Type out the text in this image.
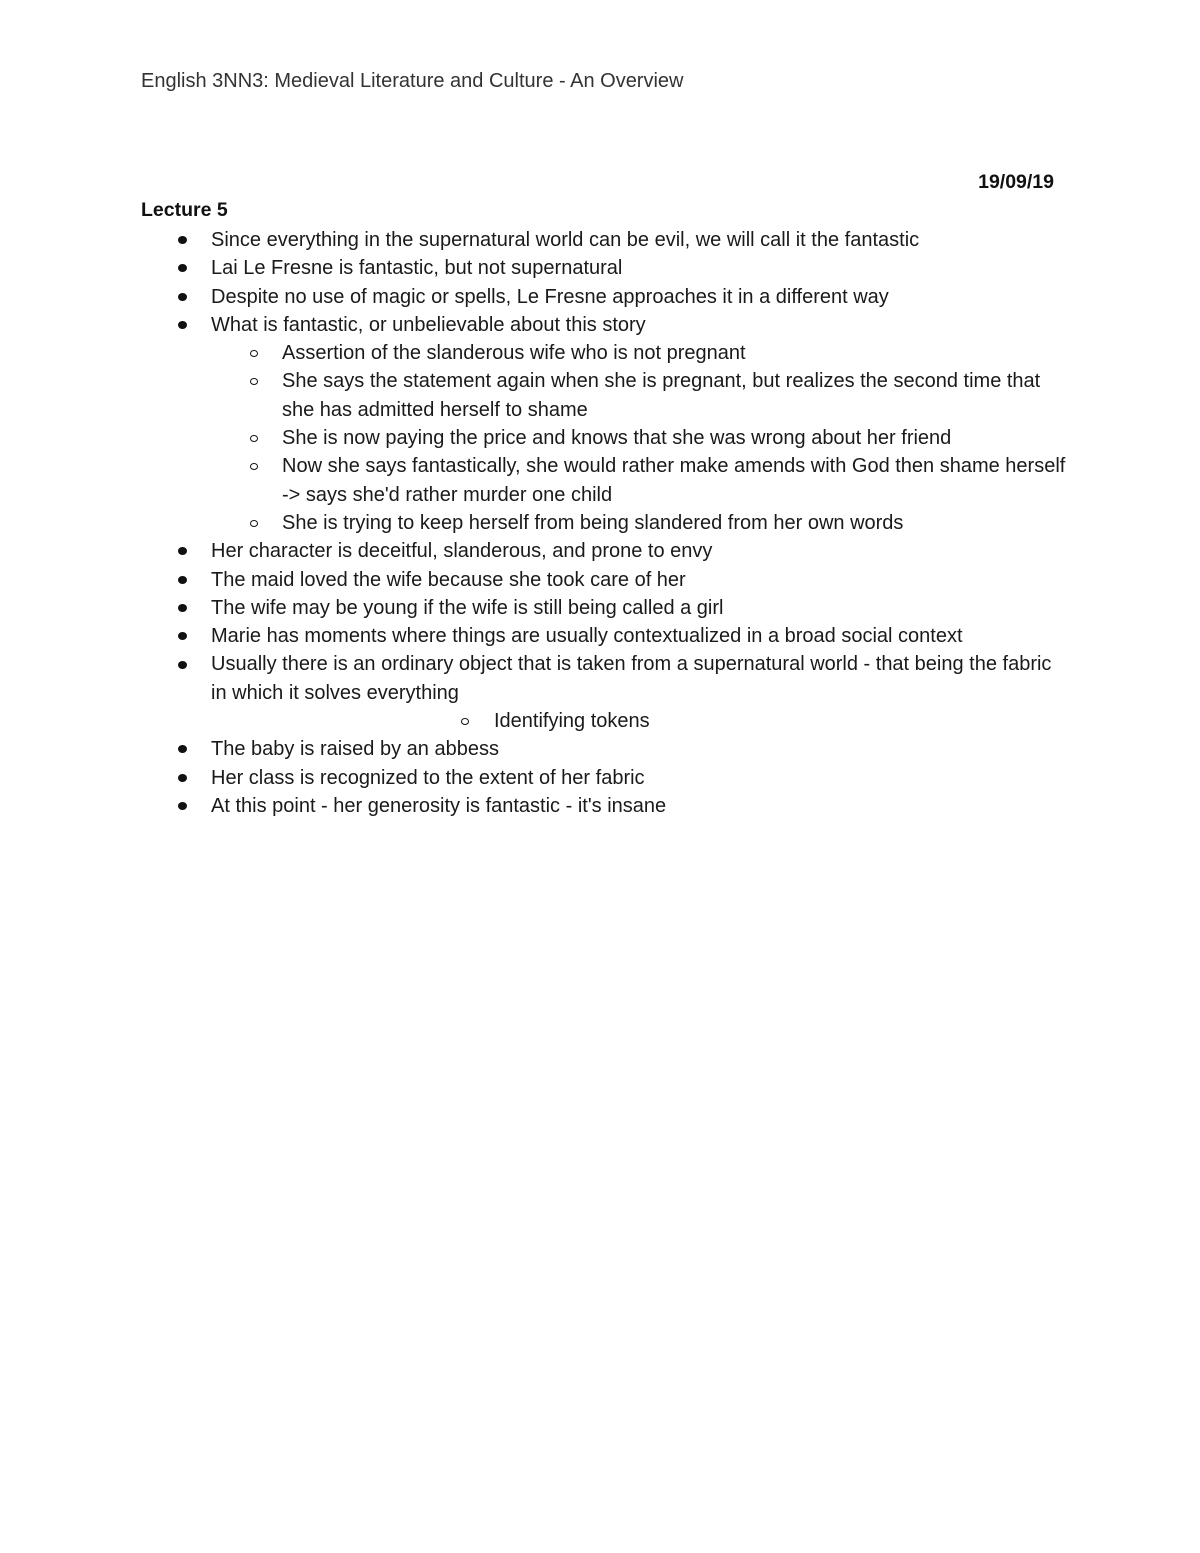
English 3NN3: Medieval Literature and Culture - An Overview
19/09/19
Lecture 5
Since everything in the supernatural world can be evil, we will call it the fantastic
Lai Le Fresne is fantastic, but not supernatural
Despite no use of magic or spells, Le Fresne approaches it in a different way
What is fantastic, or unbelievable about this story
Assertion of the slanderous wife who is not pregnant
She says the statement again when she is pregnant, but realizes the second time that she has admitted herself to shame
She is now paying the price and knows that she was wrong about her friend
Now she says fantastically, she would rather make amends with God then shame herself -> says she'd rather murder one child
She is trying to keep herself from being slandered from her own words
Her character is deceitful, slanderous, and prone to envy
The maid loved the wife because she took care of her
The wife may be young if the wife is still being called a girl
Marie has moments where things are usually contextualized in a broad social context
Usually there is an ordinary object that is taken from a supernatural world - that being the fabric in which it solves everything
Identifying tokens
The baby is raised by an abbess
Her class is recognized to the extent of her fabric
At this point - her generosity is fantastic - it's insane
